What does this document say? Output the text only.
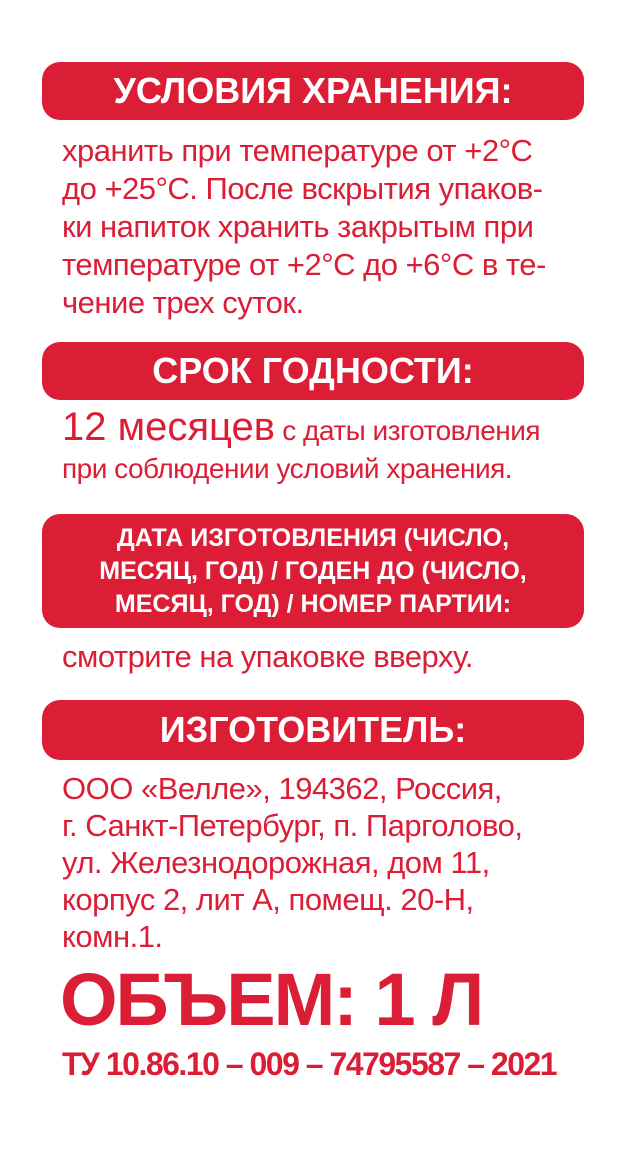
УСЛОВИЯ ХРАНЕНИЯ:
хранить при температуре от +2°С
до +25°С. После вскрытия упаков-
ки напиток хранить закрытым при
температуре от +2°С до +6°С в те-
чение трех суток.
СРОК ГОДНОСТИ:
12 месяцев с даты изготовления
при соблюдении условий хранения.
ДАТА ИЗГОТОВЛЕНИЯ (ЧИСЛО,
МЕСЯЦ, ГОД) / ГОДЕН ДО (ЧИСЛО,
МЕСЯЦ, ГОД) / НОМЕР ПАРТИИ:
смотрите на упаковке вверху.
ИЗГОТОВИТЕЛЬ:
ООО «Велле», 194362, Россия,
г. Санкт-Петербург, п. Парголово,
ул. Железнодорожная, дом 11,
корпус 2, лит А, помещ. 20-Н,
комн.1.
ОБЪЕМ: 1 Л
ТУ 10.86.10 – 009 – 74795587 – 2021
